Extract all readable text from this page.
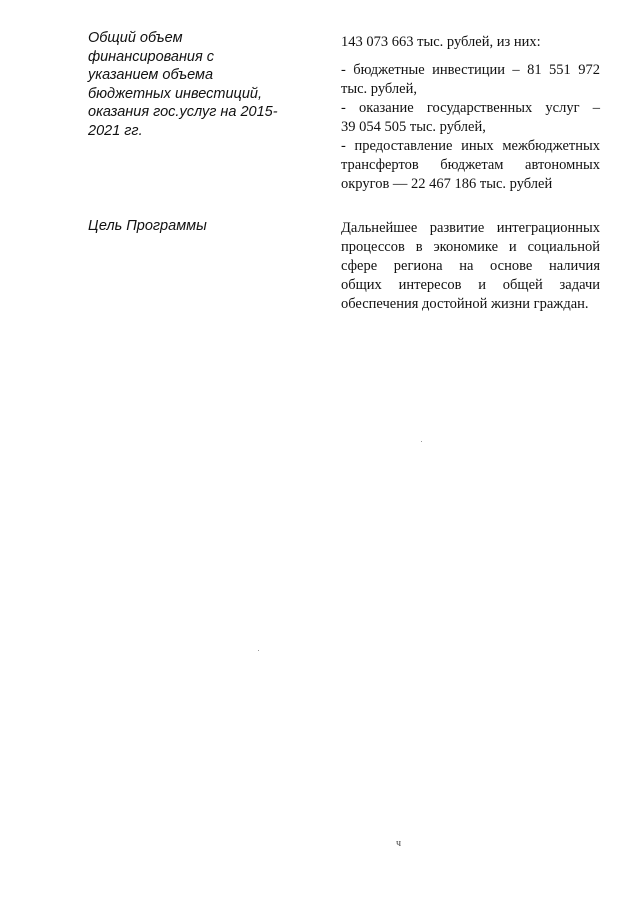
Общий объем
финансирования с
указанием объема
бюджетных инвестиций,
оказания гос.услуг на 2015-
2021 гг.
143 073 663 тыс. рублей, из них:
- бюджетные инвестиции – 81 551 972
тыс. рублей,
- оказание государственных услуг –
39 054 505 тыс. рублей,
- предоставление иных межбюджетных
трансфертов бюджетам автономных
округов — 22 467 186 тыс. рублей
Цель Программы	Дальнейшее развитие интеграционных
процессов в экономике и социальной
сфере региона на основе наличия
общих интересов и общей задачи
обеспечения достойной жизни граждан.
ч
